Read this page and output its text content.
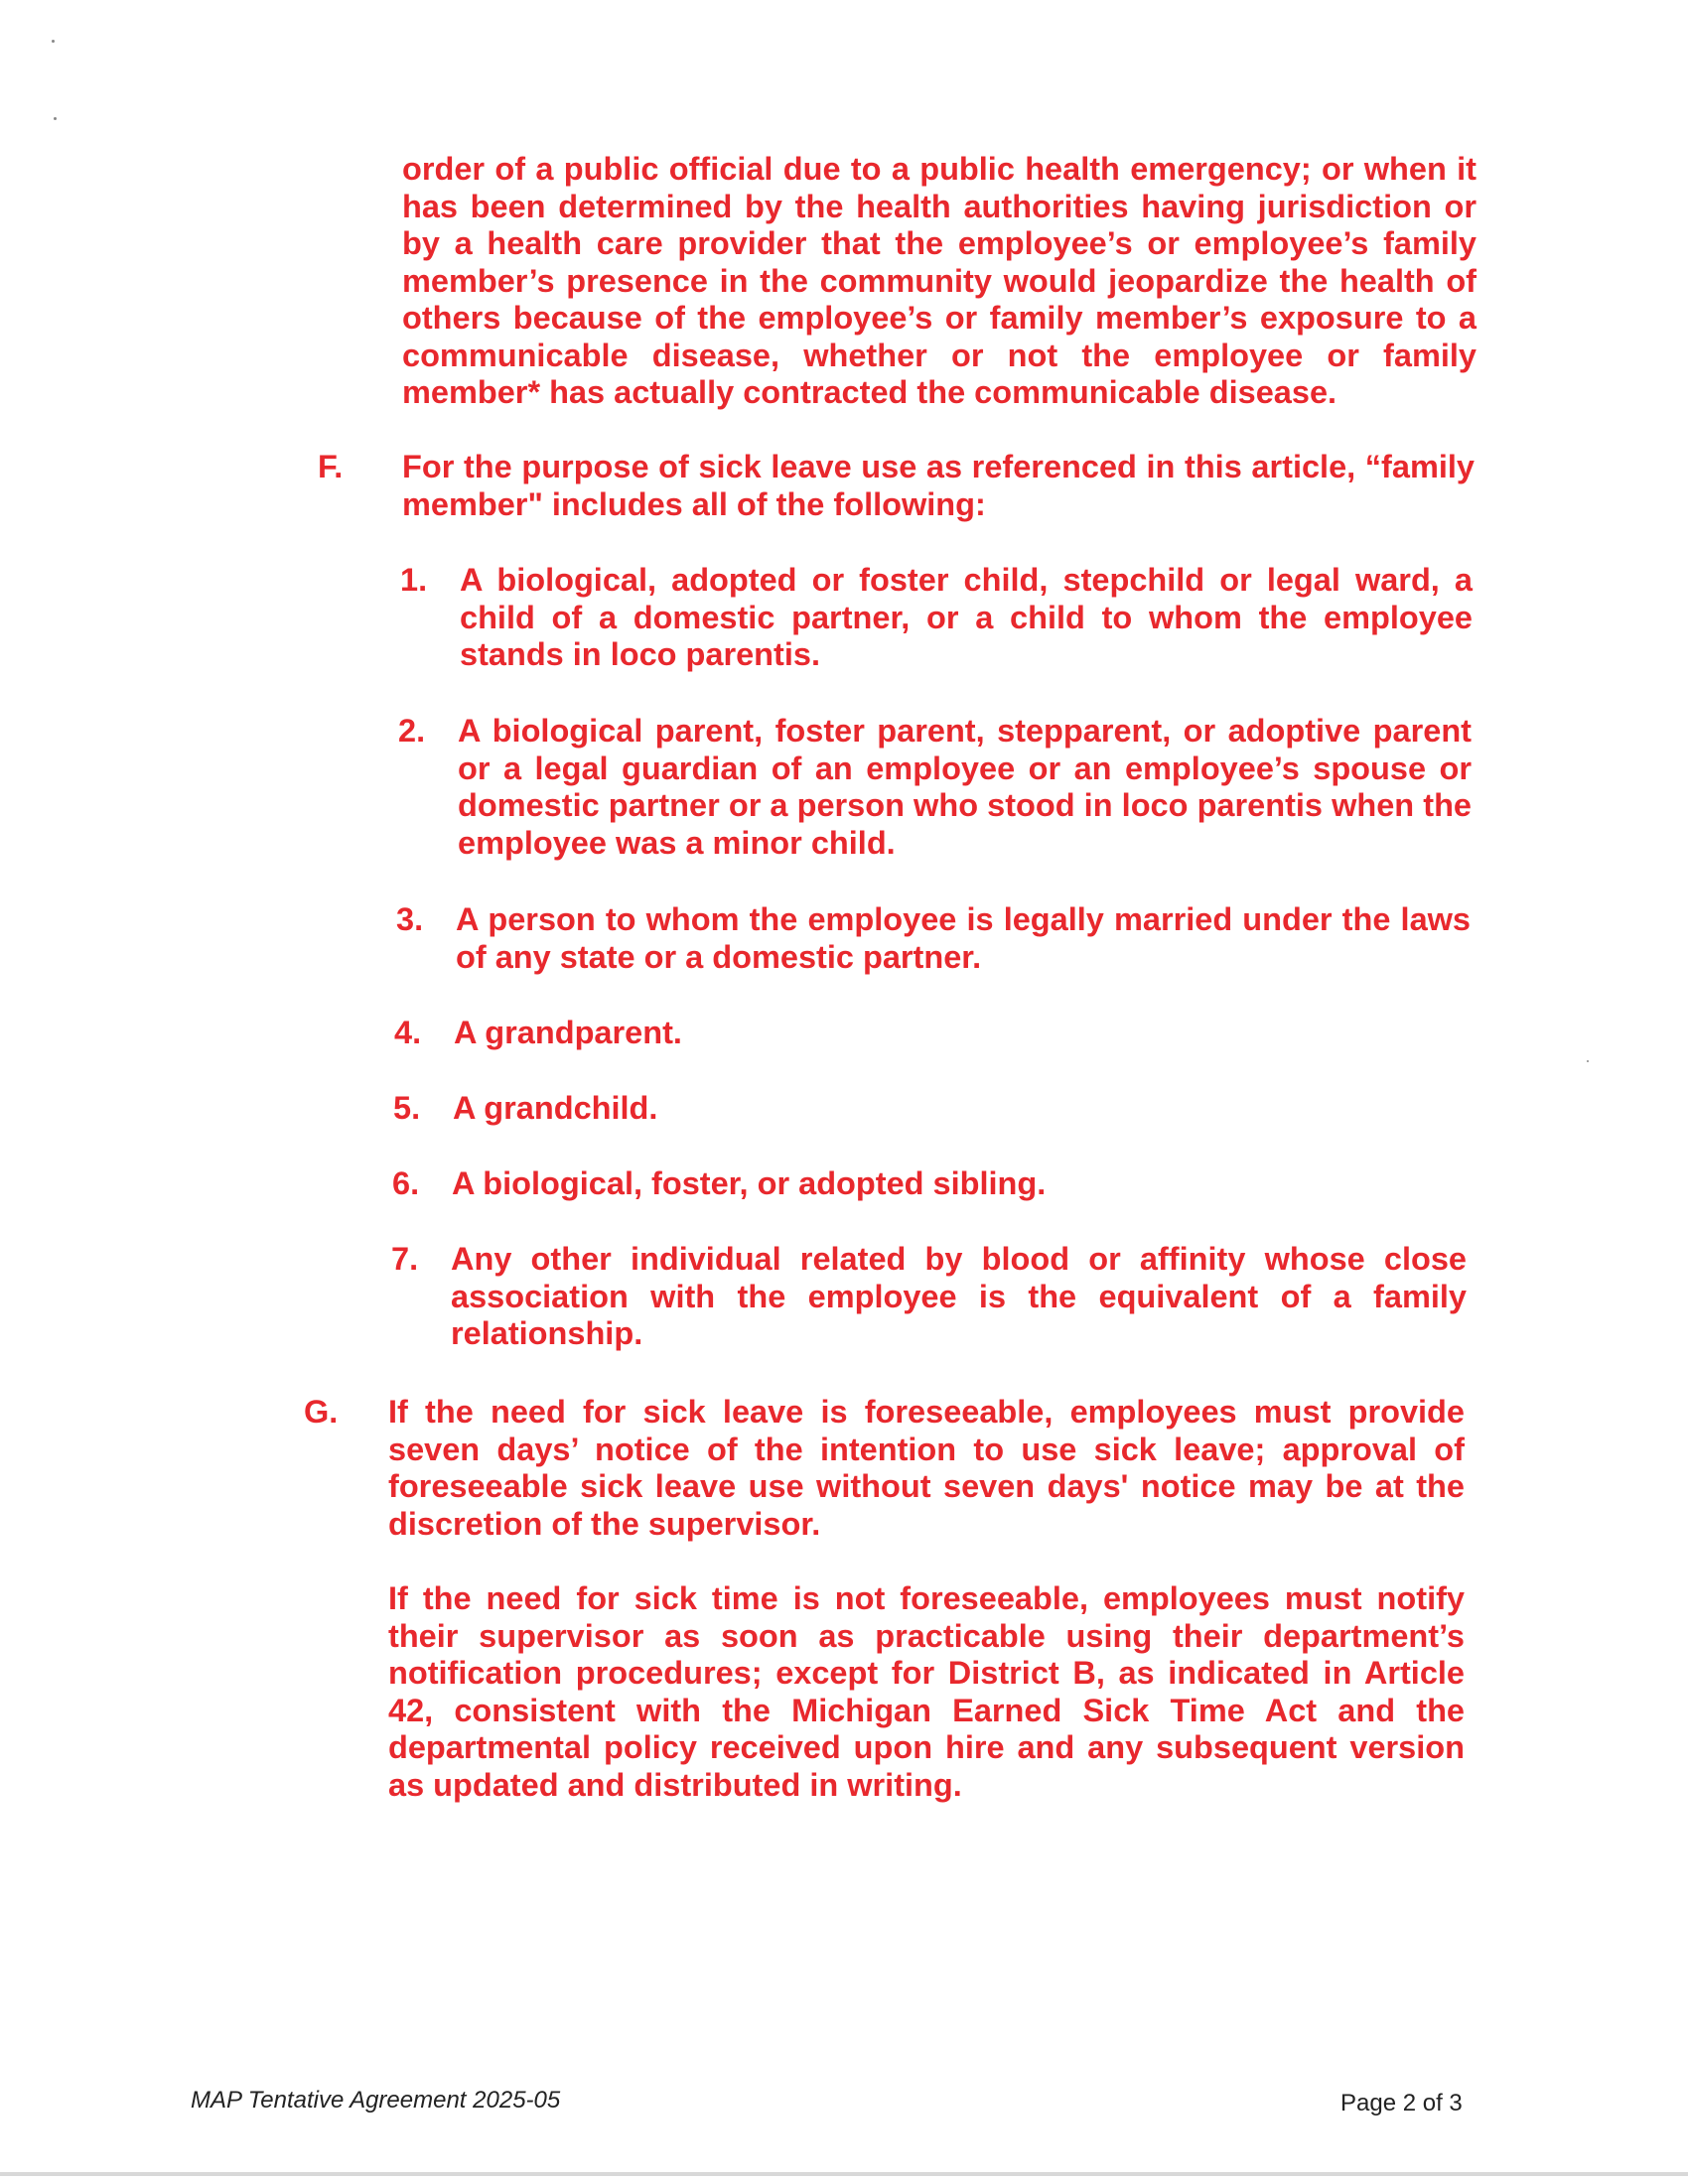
order of a public official due to a public health emergency; or when it has been determined by the health authorities having jurisdiction or by a health care provider that the employee’s or employee’s family member’s presence in the community would jeopardize the health of others because of the employee’s or family member’s exposure to a communicable disease, whether or not the employee or family member* has actually contracted the communicable disease.

F. For the purpose of sick leave use as referenced in this article, “family member" includes all of the following:

1. A biological, adopted or foster child, stepchild or legal ward, a child of a domestic partner, or a child to whom the employee stands in loco parentis.

2. A biological parent, foster parent, stepparent, or adoptive parent or a legal guardian of an employee or an employee’s spouse or domestic partner or a person who stood in loco parentis when the employee was a minor child.

3. A person to whom the employee is legally married under the laws of any state or a domestic partner.

4. A grandparent.

5. A grandchild.

6. A biological, foster, or adopted sibling.

7. Any other individual related by blood or affinity whose close association with the employee is the equivalent of a family relationship.

G. If the need for sick leave is foreseeable, employees must provide seven days’ notice of the intention to use sick leave; approval of foreseeable sick leave use without seven days' notice may be at the discretion of the supervisor.

If the need for sick time is not foreseeable, employees must notify their supervisor as soon as practicable using their department’s notification procedures; except for District B, as indicated in Article 42, consistent with the Michigan Earned Sick Time Act and the departmental policy received upon hire and any subsequent version as updated and distributed in writing.

MAP Tentative Agreement 2025-05	Page 2 of 3
